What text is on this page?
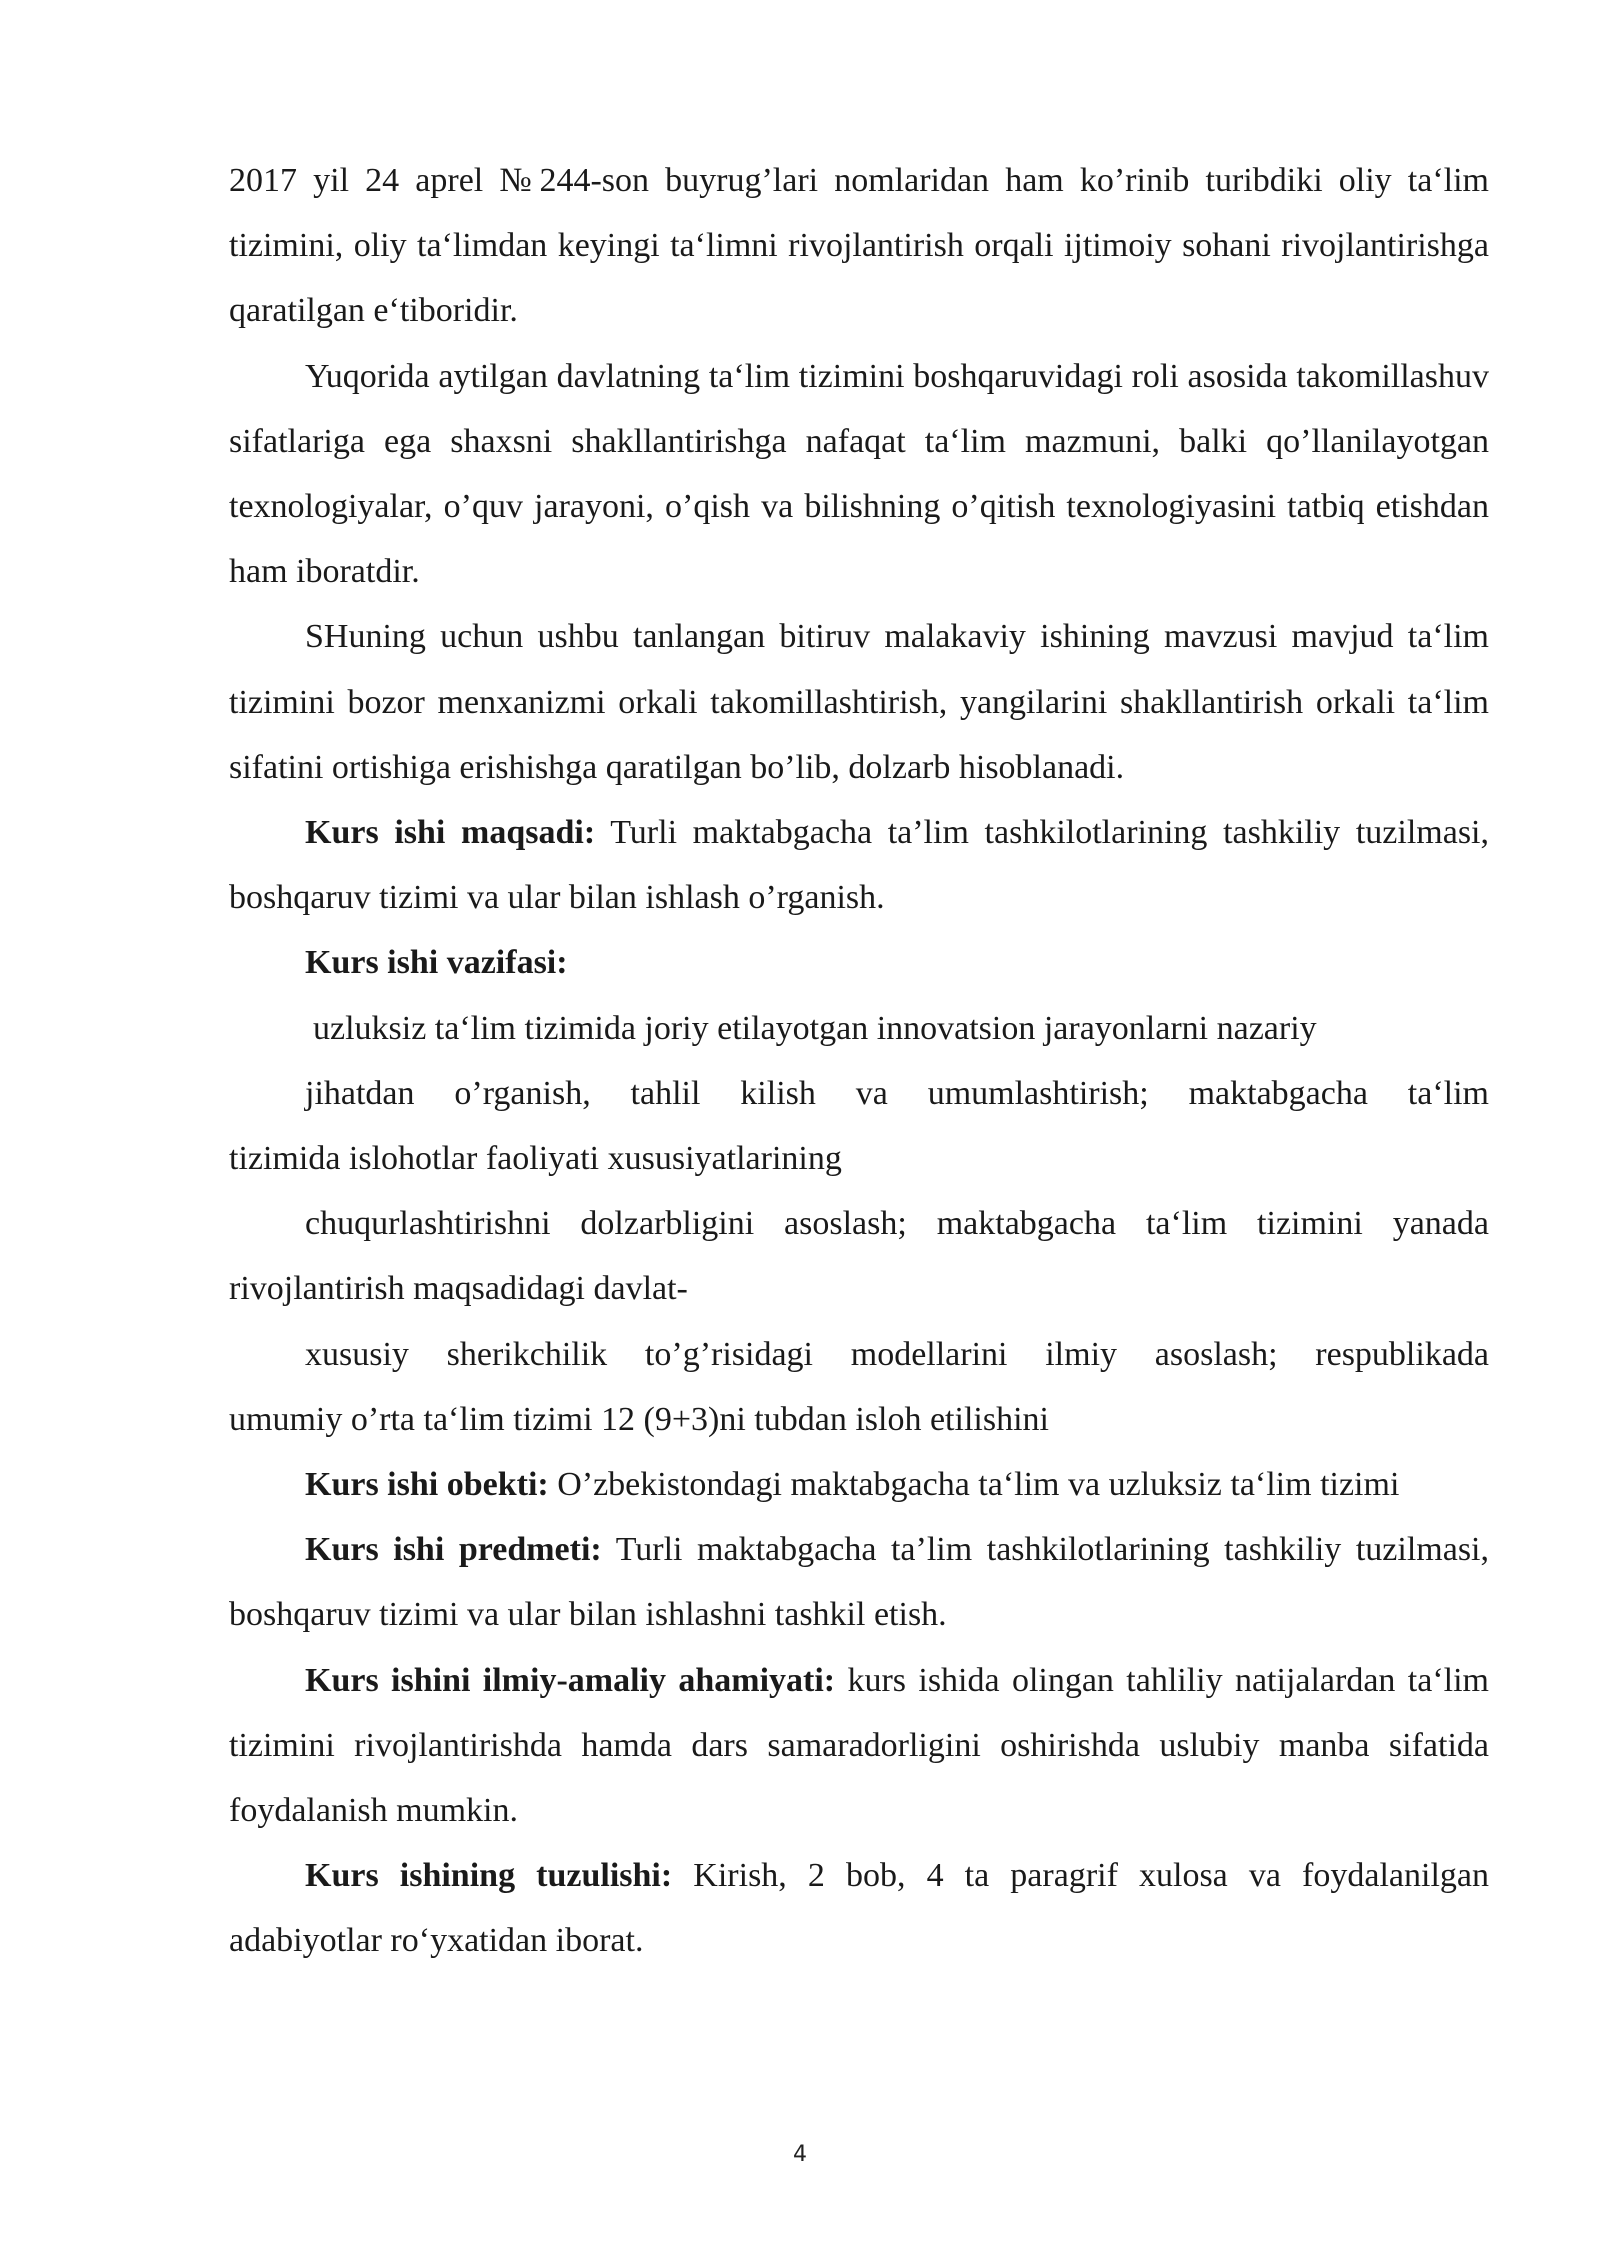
2017 yil 24 aprel №244-son buyrug’lari nomlaridan ham ko’rinib turibdiki oliy ta‘lim tizimini, oliy ta‘limdan keyingi ta‘limni rivojlantirish orqali ijtimoiy sohani rivojlantirishga qaratilgan e‘tiboridir.

Yuqorida aytilgan davlatning ta‘lim tizimini boshqaruvidagi roli asosida takomillashuv sifatlariga ega shaxsni shakllantirishga nafaqat ta‘lim mazmuni, balki qo’llanilayotgan texnologiyalar, o’quv jarayoni, o’qish va bilishning o’qitish texnologiyasini tatbiq etishdan ham iboratdir.

SHuning uchun ushbu tanlangan bitiruv malakaviy ishining mavzusi mavjud ta‘lim tizimini bozor menxanizmi orkali takomillashtirish, yangilarini shakllantirish orkali ta‘lim sifatini ortishiga erishishga qaratilgan bo’lib, dolzarb hisoblanadi.

Kurs ishi maqsadi: Turli maktabgacha ta’lim tashkilotlarining tashkiliy tuzilmasi, boshqaruv tizimi va ular bilan ishlash o’rganish.

Kurs ishi vazifasi:

uzluksiz ta‘lim tizimida joriy etilayotgan innovatsion jarayonlarni nazariy

jihatdan o’rganish, tahlil kilish va umumlashtirish; maktabgacha ta‘lim

tizimida islohotlar faoliyati xususiyatlarining

chuqurlashtirishni dolzarbligini asoslash; maktabgacha ta‘lim tizimini yanada

rivojlantirish maqsadidagi davlat-

xususiy sherikchilik to’g’risidagi modellarini ilmiy asoslash; respublikada

umumiy o’rta ta‘lim tizimi 12 (9+3)ni tubdan isloh etilishini

Kurs ishi obekti: O’zbekistondagi maktabgacha ta‘lim va uzluksiz ta‘lim tizimi

Kurs ishi predmeti: Turli maktabgacha ta’lim tashkilotlarining tashkiliy tuzilmasi, boshqaruv tizimi va ular bilan ishlashni tashkil etish.

Kurs ishini ilmiy-amaliy ahamiyati: kurs ishida olingan tahliliy natijalardan ta‘lim tizimini rivojlantirishda hamda dars samaradorligini oshirishda uslubiy manba sifatida foydalanish mumkin.

Kurs ishining tuzulishi: Kirish, 2 bob, 4 ta paragrif xulosa va foydalanilgan adabiyotlar ro‘yxatidan iborat.

4
